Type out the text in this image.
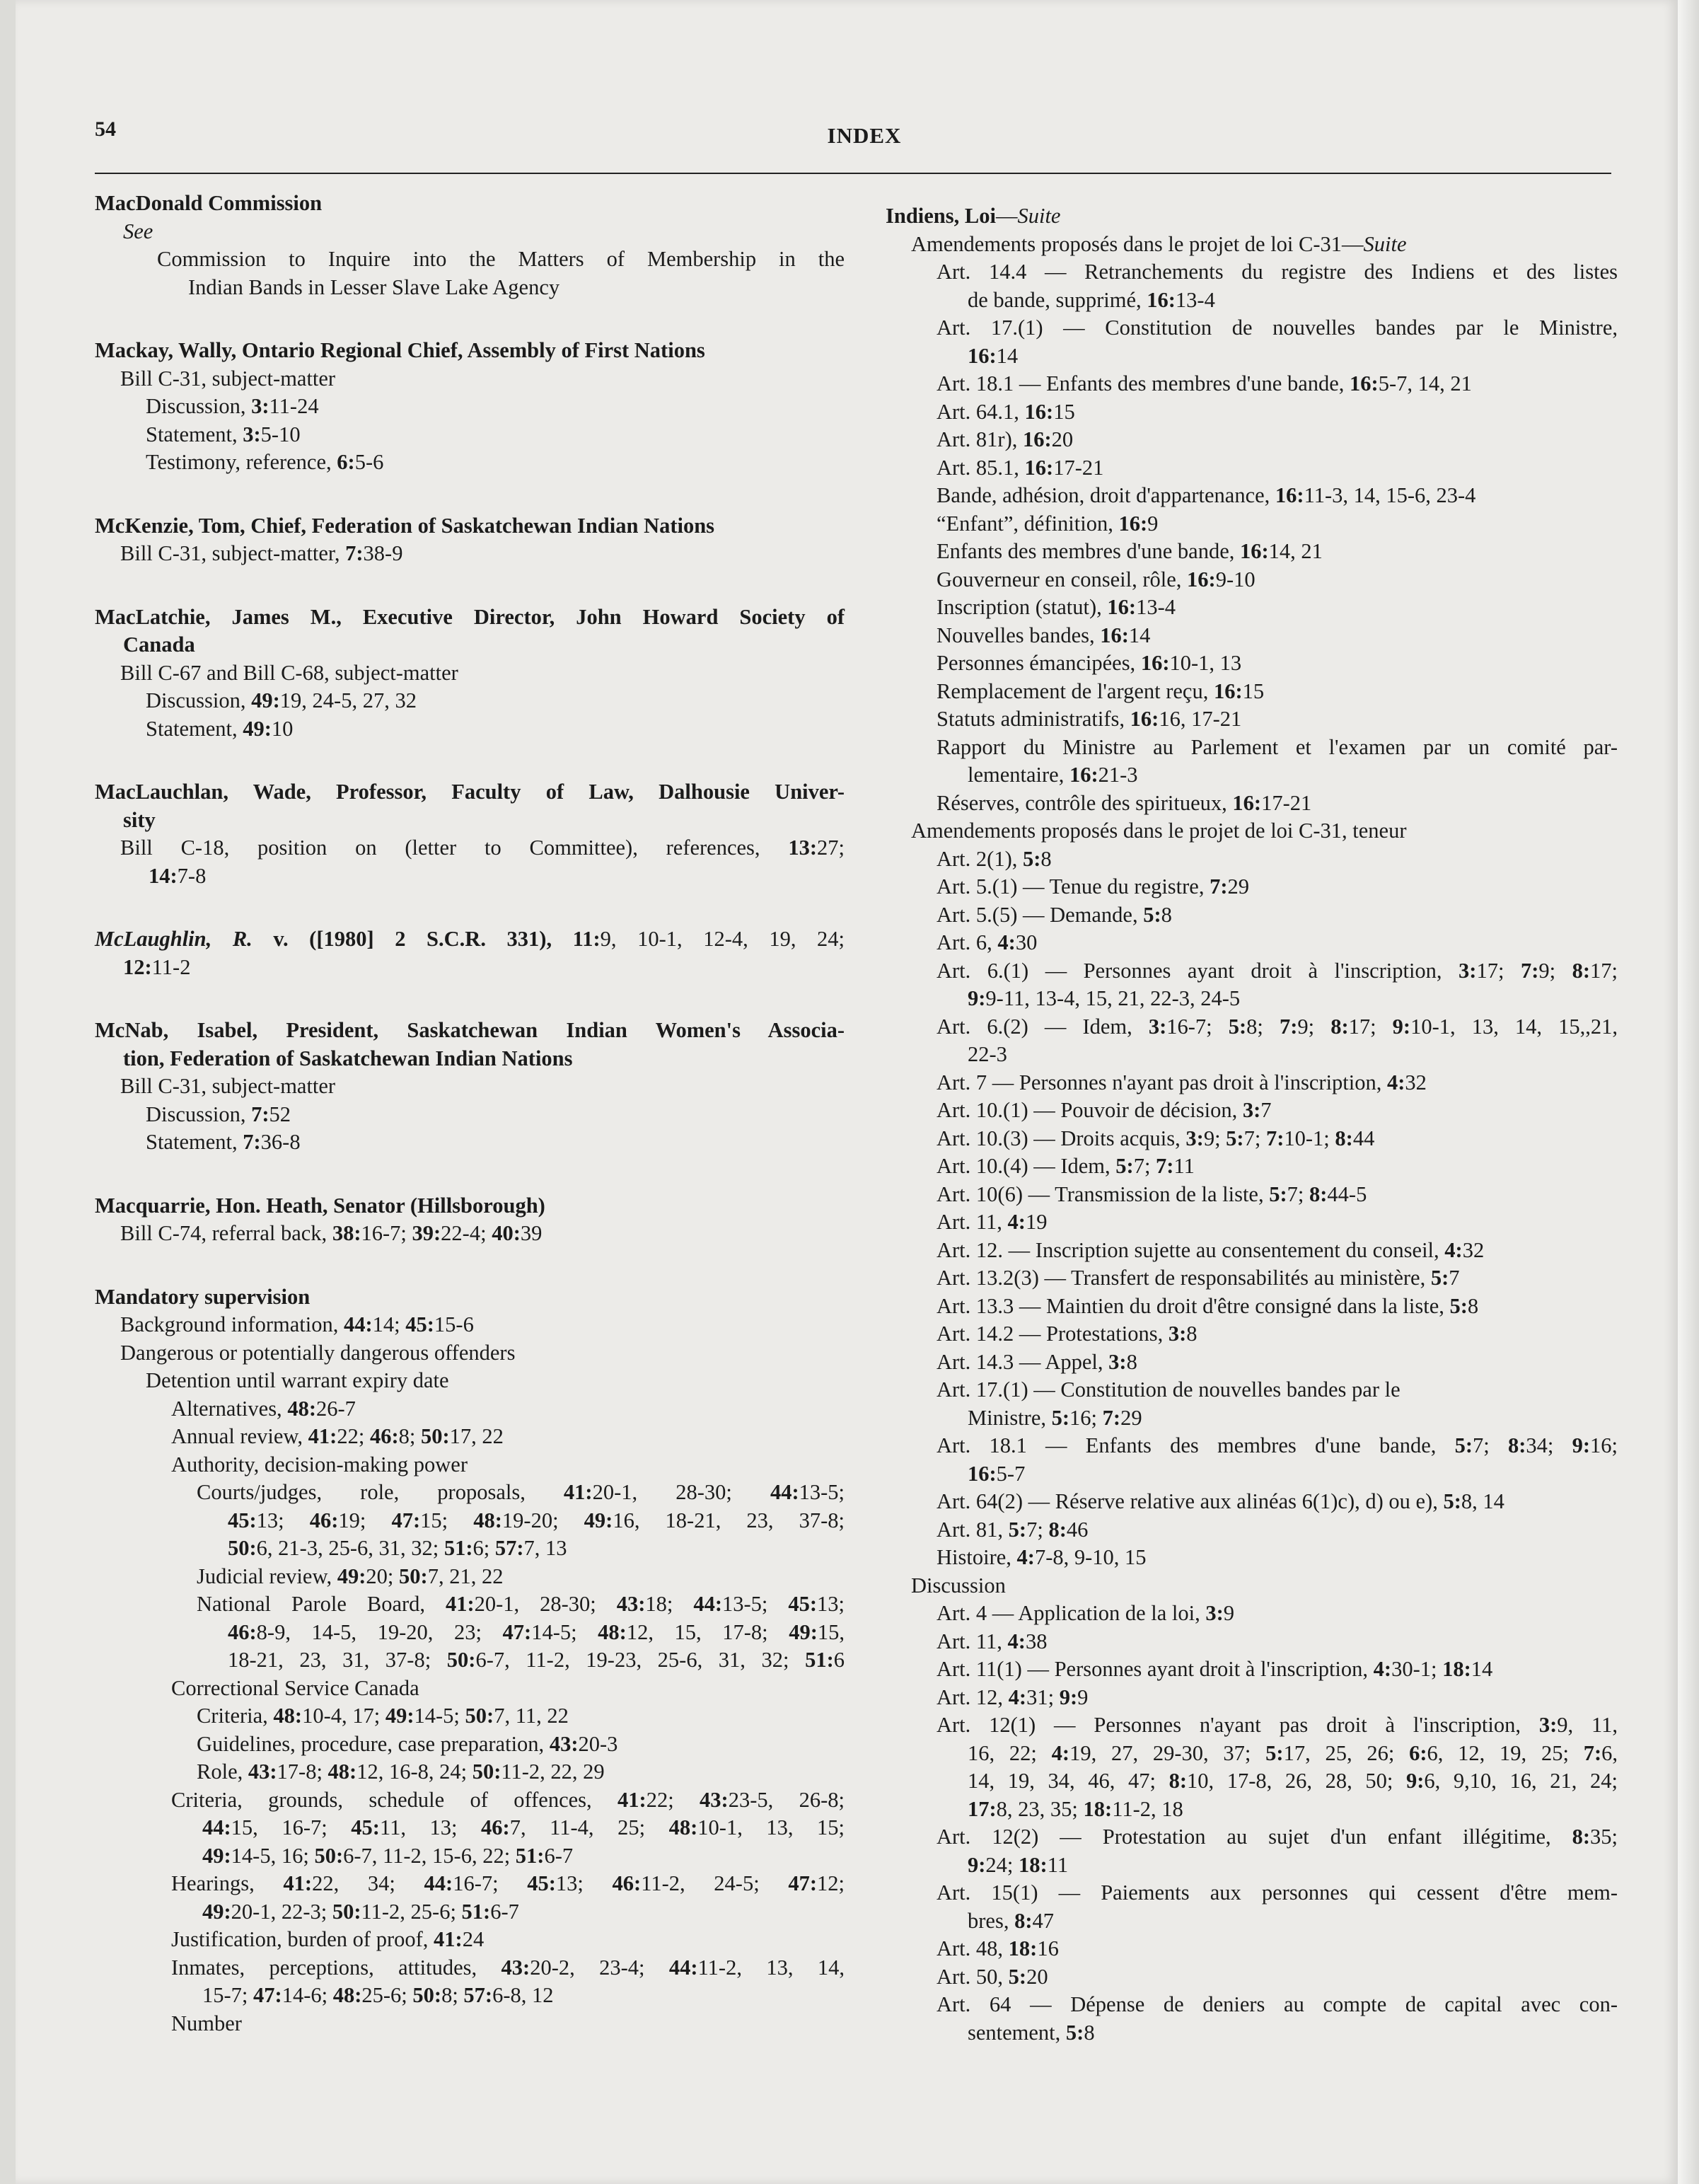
54	INDEX
MacDonald Commission
See
Commission to Inquire into the Matters of Membership in the
Indian Bands in Lesser Slave Lake Agency
Mackay, Wally, Ontario Regional Chief, Assembly of First Nations
Bill C-31, subject-matter
Discussion, 3:11-24
Statement, 3:5-10
Testimony, reference, 6:5-6
McKenzie, Tom, Chief, Federation of Saskatchewan Indian Nations
Bill C-31, subject-matter, 7:38-9
MacLatchie, James M., Executive Director, John Howard Society of
Canada
Bill C-67 and Bill C-68, subject-matter
Discussion, 49:19, 24-5, 27, 32
Statement, 49:10
MacLauchlan, Wade, Professor, Faculty of Law, Dalhousie Univer-
sity
Bill C-18, position on (letter to Committee), references, 13:27;
14:7-8
McLaughlin, R. v. ([1980] 2 S.C.R. 331), 11:9, 10-1, 12-4, 19, 24;
12:11-2
McNab, Isabel, President, Saskatchewan Indian Women's Associa-
tion, Federation of Saskatchewan Indian Nations
Bill C-31, subject-matter
Discussion, 7:52
Statement, 7:36-8
Macquarrie, Hon. Heath, Senator (Hillsborough)
Bill C-74, referral back, 38:16-7; 39:22-4; 40:39
Mandatory supervision
Background information, 44:14; 45:15-6
Dangerous or potentially dangerous offenders
Detention until warrant expiry date
Alternatives, 48:26-7
Annual review, 41:22; 46:8; 50:17, 22
Authority, decision-making power
Courts/judges, role, proposals, 41:20-1, 28-30; 44:13-5;
45:13; 46:19; 47:15; 48:19-20; 49:16, 18-21, 23, 37-8;
50:6, 21-3, 25-6, 31, 32; 51:6; 57:7, 13
Judicial review, 49:20; 50:7, 21, 22
National Parole Board, 41:20-1, 28-30; 43:18; 44:13-5; 45:13;
46:8-9, 14-5, 19-20, 23; 47:14-5; 48:12, 15, 17-8; 49:15,
18-21, 23, 31, 37-8; 50:6-7, 11-2, 19-23, 25-6, 31, 32; 51:6
Correctional Service Canada
Criteria, 48:10-4, 17; 49:14-5; 50:7, 11, 22
Guidelines, procedure, case preparation, 43:20-3
Role, 43:17-8; 48:12, 16-8, 24; 50:11-2, 22, 29
Criteria, grounds, schedule of offences, 41:22; 43:23-5, 26-8;
44:15, 16-7; 45:11, 13; 46:7, 11-4, 25; 48:10-1, 13, 15;
49:14-5, 16; 50:6-7, 11-2, 15-6, 22; 51:6-7
Hearings, 41:22, 34; 44:16-7; 45:13; 46:11-2, 24-5; 47:12;
49:20-1, 22-3; 50:11-2, 25-6; 51:6-7
Justification, burden of proof, 41:24
Inmates, perceptions, attitudes, 43:20-2, 23-4; 44:11-2, 13, 14,
15-7; 47:14-6; 48:25-6; 50:8; 57:6-8, 12
Number
Indiens, Loi—Suite
Amendements proposés dans le projet de loi C-31—Suite
Art. 14.4 — Retranchements du registre des Indiens et des listes
de bande, supprimé, 16:13-4
Art. 17.(1) — Constitution de nouvelles bandes par le Ministre,
16:14
Art. 18.1 — Enfants des membres d'une bande, 16:5-7, 14, 21
Art. 64.1, 16:15
Art. 81r), 16:20
Art. 85.1, 16:17-21
Bande, adhésion, droit d'appartenance, 16:11-3, 14, 15-6, 23-4
“Enfant”, définition, 16:9
Enfants des membres d'une bande, 16:14, 21
Gouverneur en conseil, rôle, 16:9-10
Inscription (statut), 16:13-4
Nouvelles bandes, 16:14
Personnes émancipées, 16:10-1, 13
Remplacement de l'argent reçu, 16:15
Statuts administratifs, 16:16, 17-21
Rapport du Ministre au Parlement et l'examen par un comité par-
lementaire, 16:21-3
Réserves, contrôle des spiritueux, 16:17-21
Amendements proposés dans le projet de loi C-31, teneur
Art. 2(1), 5:8
Art. 5.(1) — Tenue du registre, 7:29
Art. 5.(5) — Demande, 5:8
Art. 6, 4:30
Art. 6.(1) — Personnes ayant droit à l'inscription, 3:17; 7:9; 8:17;
9:9-11, 13-4, 15, 21, 22-3, 24-5
Art. 6.(2) — Idem, 3:16-7; 5:8; 7:9; 8:17; 9:10-1, 13, 14, 15,,21,
22-3
Art. 7 — Personnes n'ayant pas droit à l'inscription, 4:32
Art. 10.(1) — Pouvoir de décision, 3:7
Art. 10.(3) — Droits acquis, 3:9; 5:7; 7:10-1; 8:44
Art. 10.(4) — Idem, 5:7; 7:11
Art. 10(6) — Transmission de la liste, 5:7; 8:44-5
Art. 11, 4:19
Art. 12. — Inscription sujette au consentement du conseil, 4:32
Art. 13.2(3) — Transfert de responsabilités au ministère, 5:7
Art. 13.3 — Maintien du droit d'être consigné dans la liste, 5:8
Art. 14.2 — Protestations, 3:8
Art. 14.3 — Appel, 3:8
Art. 17.(1) — Constitution de nouvelles bandes par le
Ministre, 5:16; 7:29
Art. 18.1 — Enfants des membres d'une bande, 5:7; 8:34; 9:16;
16:5-7
Art. 64(2) — Réserve relative aux alinéas 6(1)c), d) ou e), 5:8, 14
Art. 81, 5:7; 8:46
Histoire, 4:7-8, 9-10, 15
Discussion
Art. 4 — Application de la loi, 3:9
Art. 11, 4:38
Art. 11(1) — Personnes ayant droit à l'inscription, 4:30-1; 18:14
Art. 12, 4:31; 9:9
Art. 12(1) — Personnes n'ayant pas droit à l'inscription, 3:9, 11,
16, 22; 4:19, 27, 29-30, 37; 5:17, 25, 26; 6:6, 12, 19, 25; 7:6,
14, 19, 34, 46, 47; 8:10, 17-8, 26, 28, 50; 9:6, 9,10, 16, 21, 24;
17:8, 23, 35; 18:11-2, 18
Art. 12(2) — Protestation au sujet d'un enfant illégitime, 8:35;
9:24; 18:11
Art. 15(1) — Paiements aux personnes qui cessent d'être mem-
bres, 8:47
Art. 48, 18:16
Art. 50, 5:20
Art. 64 — Dépense de deniers au compte de capital avec con-
sentement, 5:8
